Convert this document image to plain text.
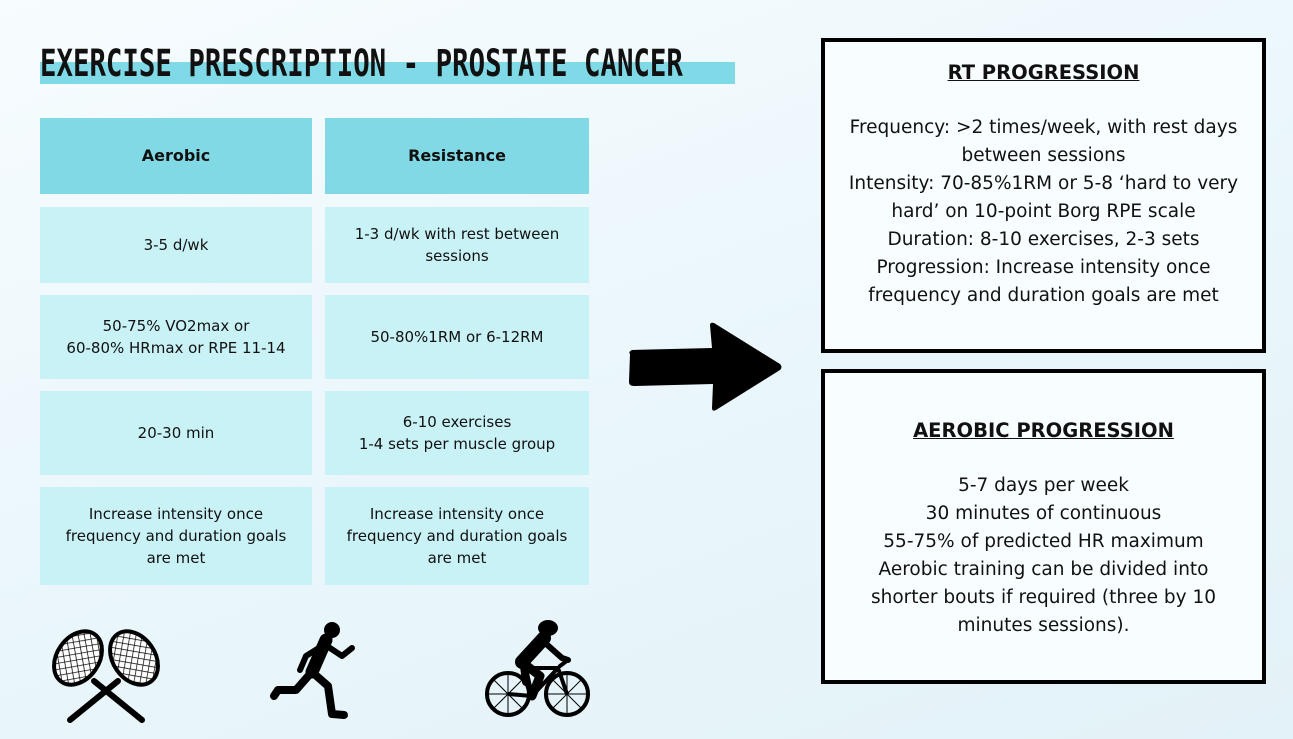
EXERCISE PRESCRIPTION - PROSTATE CANCER
Aerobic	Resistance
3-5 d/wk
1-3 d/wk with rest between
sessions
50-75% VO2max or
60-80% HRmax or RPE 11-14
50-80%1RM or 6-12RM
20-30 min
6-10 exercises
1-4 sets per muscle group
Increase intensity once
frequency and duration goals
are met
Increase intensity once
frequency and duration goals
are met
RT PROGRESSION
Frequency: >2 times/week, with rest days
between sessions
Intensity: 70-85%1RM or 5-8 ‘hard to very
hard’ on 10-point Borg RPE scale
Duration: 8-10 exercises, 2-3 sets
Progression: Increase intensity once
frequency and duration goals are met
AEROBIC PROGRESSION
5-7 days per week
30 minutes of continuous
55-75% of predicted HR maximum
Aerobic training can be divided into
shorter bouts if required (three by 10
minutes sessions).
